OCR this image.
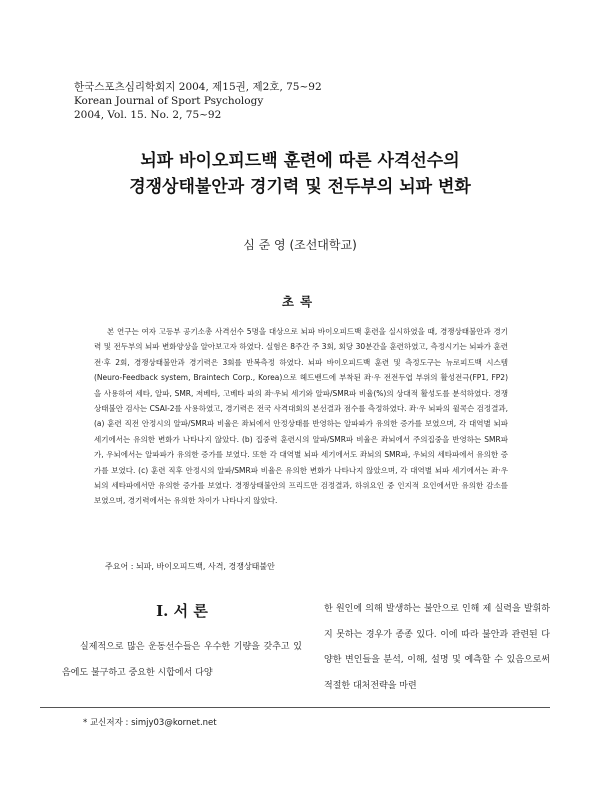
한국스포츠심리학회지 2004, 제15권, 제2호, 75~92
Korean Journal of Sport Psychology
2004, Vol. 15. No. 2, 75~92
뇌파 바이오피드백 훈련에 따른 사격선수의
경쟁상태불안과 경기력 및 전두부의 뇌파 변화
심 준 영 (조선대학교)
초록

본 연구는 여자 고등부 공기소총 사격선수 5명을 대상으로 뇌파 바이오피드백 훈련을 실시하였을 때, 경쟁상태불안과 경기력 및 전두부의 뇌파 변화양상을 알아보고자 하였다. 실험은 8주간 주 3회, 회당 30분간을 훈련하였고, 측정시기는 뇌파가 훈련 전·후 2회, 경쟁상태불안과 경기력은 3회를 반복측정 하였다. 뇌파 바이오피드백 훈련 및 측정도구는 뉴로피드백 시스템(Neuro-Feedback system, Braintech Corp., Korea)으로 헤드밴드에 부착된 좌·우 전전두엽 부위의 활성전극(FP1, FP2)을 사용하여 세타, 알파, SMR, 저베타, 고베타 파의 좌·우뇌 세기와 알파/SMR파 비율(%)의 상대적 활성도를 분석하였다. 경쟁상태불안 검사는 CSAI-2를 사용하였고, 경기력은 전국 사격대회의 본선결과 점수를 측정하였다. 좌·우 뇌파의 윌콕슨 검정결과, (a) 훈련 직전 안정시의 알파/SMR파 비율은 좌뇌에서 안정상태를 반영하는 알파파가 유의한 증가를 보였으며, 각 대역별 뇌파 세기에서는 유의한 변화가 나타나지 않았다. (b) 집중력 훈련시의 알파/SMR파 비율은 좌뇌에서 주의집중을 반영하는 SMR파가, 우뇌에서는 알파파가 유의한 증가를 보였다. 또한 각 대역별 뇌파 세기에서도 좌뇌의 SMR파, 우뇌의 세타파에서 유의한 증가를 보였다. (c) 훈련 직후 안정시의 알파/SMR파 비율은 유의한 변화가 나타나지 않았으며, 각 대역별 뇌파 세기에서는 좌·우뇌의 세타파에서만 유의한 증가를 보였다. 경쟁상태불안의 프리드만 검정결과, 하위요인 중 인지적 요인에서만 유의한 감소를 보였으며, 경기력에서는 유의한 차이가 나타나지 않았다.

주요어 : 뇌파, 바이오피드백, 사격, 경쟁상태불안
I. 서 론

실제적으로 많은 운동선수들은 우수한 기량을 갖추고 있음에도 불구하고 중요한 시합에서 다양

한 원인에 의해 발생하는 불안으로 인해 제 실력을 발휘하지 못하는 경우가 종종 있다. 이에 따라 불안과 관련된 다양한 변인들을 분석, 이해, 설명 및 예측할 수 있음으로써 적절한 대처전략을 마련

* 교신저자 : simjy03@kornet.net
